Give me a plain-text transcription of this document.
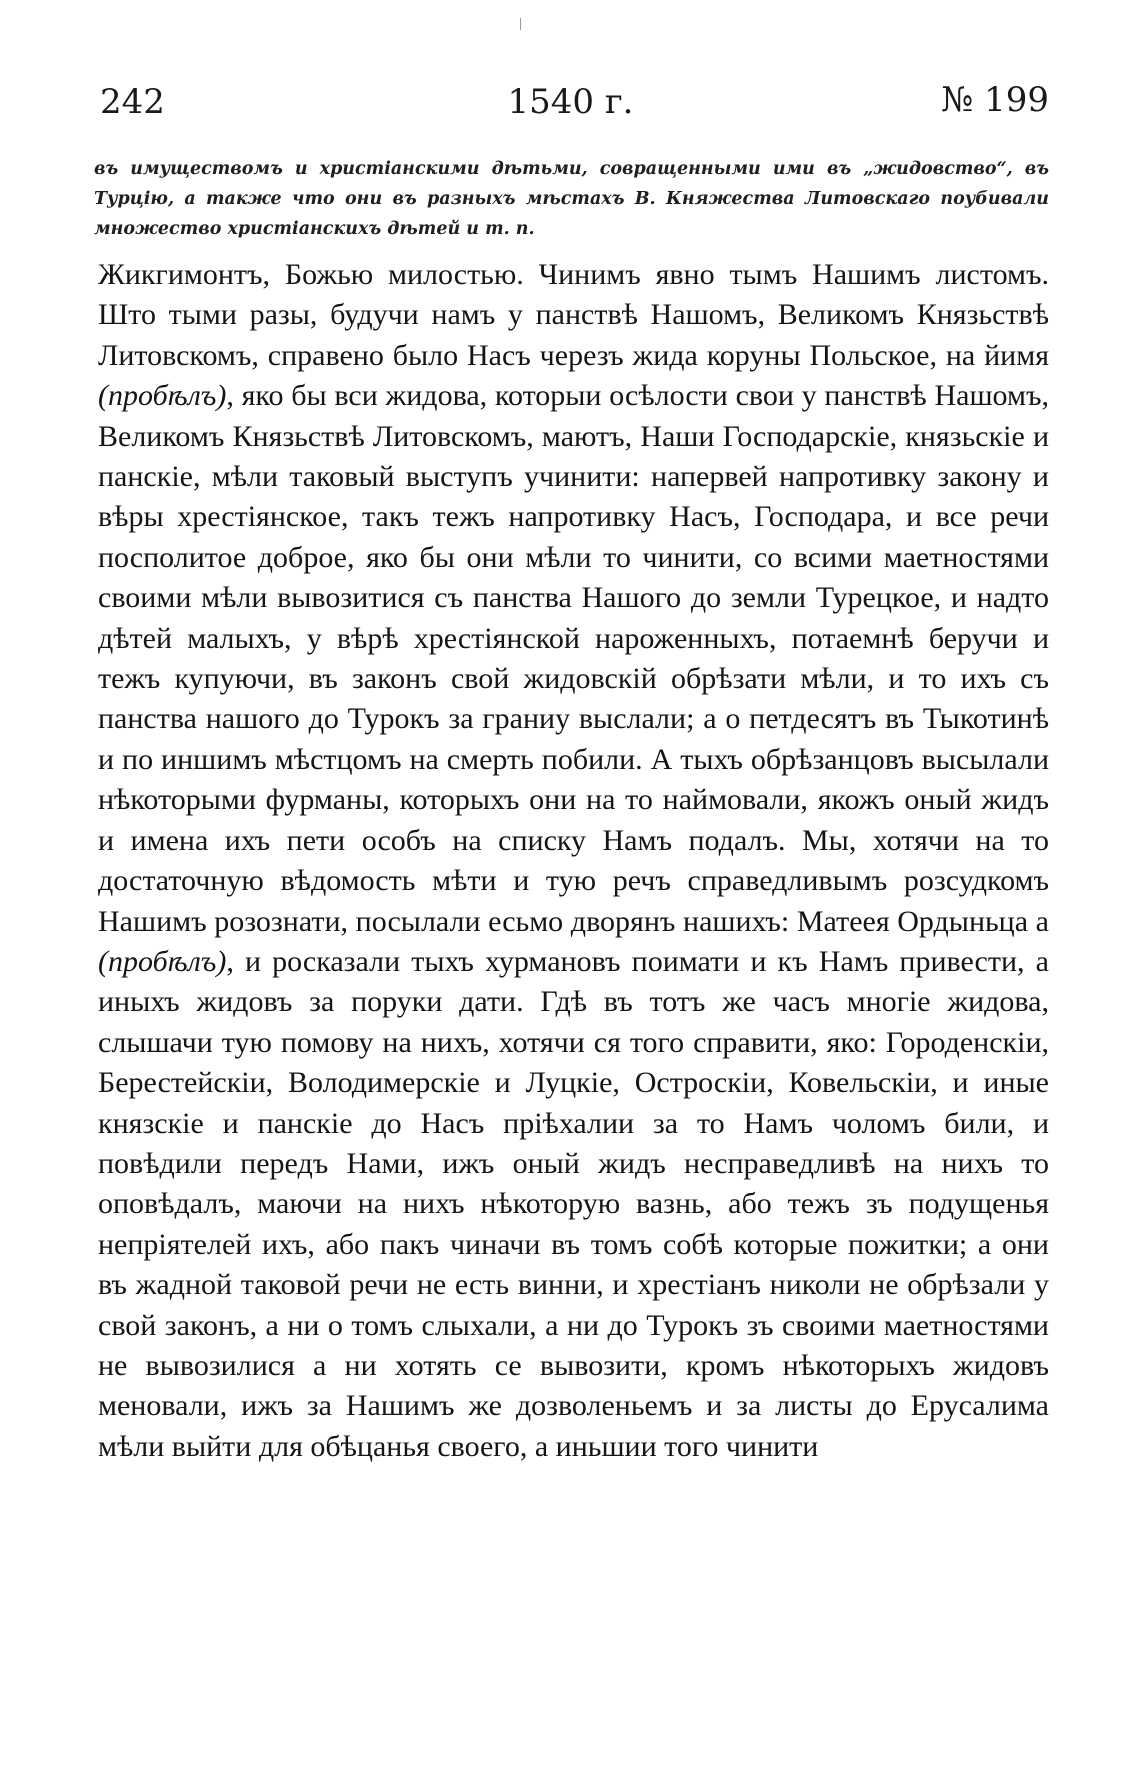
242	1540 г.	№ 199
въ имуществомъ и христіанскими дѣтьми, совращенными ими въ „жидовство“, въ Турцію, а также что они въ разныхъ мѣстахъ В. Княжества Литовскаго поубивали множество христіанскихъ дѣтей и т. п.

Жикгимонтъ, Божью милостью. Чинимъ явно тымъ Нашимъ листомъ. Што тыми разы, будучи намъ у панствѣ Нашомъ, Великомъ Князьствѣ Литовскомъ, справено было Насъ черезъ жида коруны Польское, на йимя (пробѣлъ), яко бы вси жидова, которыи осѣлости свои у панствѣ Нашомъ, Великомъ Князьствѣ Литовскомъ, маютъ, Наши Господарскіе, князьскіе и панскіе, мѣли таковый выступъ учинити: напервей напротивку закону и вѣры хрестіянское, такъ тежъ напротивку Насъ, Господара, и все речи посполитое доброе, яко бы они мѣли то чинити, со всими маетностями своими мѣли вывозитися съ панства Нашого до земли Турецкое, и надто дѣтей малыхъ, у вѣрѣ хрестіянской нароженныхъ, потаемнѣ беручи и тежъ купуючи, въ законъ свой жидовскій обрѣзати мѣли, и то ихъ съ панства нашого до Турокъ за граниу выслали; а о петдесятъ въ Тыкотинѣ и по иншимъ мѣстцомъ на смерть побили. А тыхъ обрѣзанцовъ высылали нѣкоторыми фурманы, которыхъ они на то наймовали, якожъ оный жидъ и имена ихъ пети особъ на списку Намъ подалъ. Мы, хотячи на то достаточную вѣдомость мѣти и тую речъ справедливымъ розсудкомъ Нашимъ розознати, посылали есьмо дворянъ нашихъ: Матеея Ордыньца а (пробѣлъ), и росказали тыхъ хурмановъ поимати и къ Намъ привести, а иныхъ жидовъ за поруки дати. Гдѣ въ тотъ же часъ многіе жидова, слышачи тую помову на нихъ, хотячи ся того справити, яко: Городенскіи, Берестейскіи, Володимерскіе и Луцкіе, Остроскіи, Ковельскіи, и иные князскіе и панскіе до Насъ пріѣхалии за то Намъ чоломъ били, и повѣдили передъ Нами, ижъ оный жидъ несправедливѣ на нихъ то оповѣдалъ, маючи на нихъ нѣкоторую вазнь, або тежъ зъ подущенья непріятелей ихъ, або пакъ чиначи въ томъ собѣ которые пожитки; а они въ жадной таковой речи не есть винни, и хрестіанъ николи не обрѣзали у свой законъ, а ни о томъ слыхали, а ни до Турокъ зъ своими маетностями не вывозилися а ни хотять се вывозити, кромъ нѣкоторыхъ жидовъ меновали, ижъ за Нашимъ же дозволеньемъ и за листы до Ерусалима мѣли выйти для обѣцанья своего, а иньшии того чинити
